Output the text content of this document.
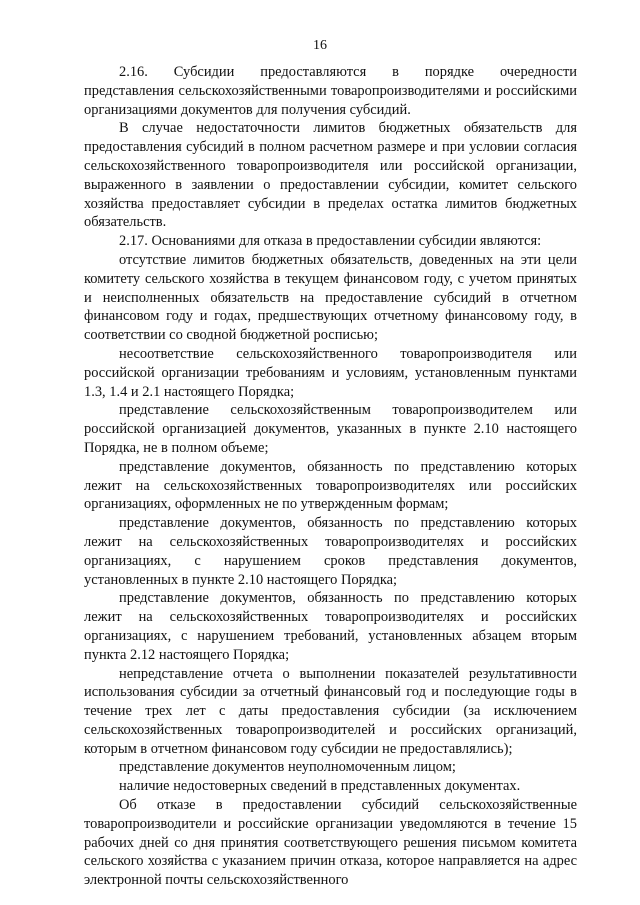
16

2.16.   Субсидии   предоставляются   в   порядке   очередности представления сельскохозяйственными товаропроизводителями и российскими организациями документов для получения субсидий.

В случае недостаточности лимитов бюджетных обязательств для предоставления субсидий в полном расчетном размере и при условии согласия сельскохозяйственного товаропроизводителя или российской организации, выраженного в заявлении о предоставлении субсидии, комитет сельского хозяйства предоставляет субсидии в пределах остатка лимитов бюджетных обязательств.

2.17. Основаниями для отказа в предоставлении субсидии являются:

отсутствие лимитов бюджетных обязательств, доведенных на эти цели комитету сельского хозяйства в текущем финансовом году, с учетом принятых и неисполненных обязательств на предоставление субсидий в отчетном финансовом году и годах, предшествующих отчетному финансовому году, в соответствии со сводной бюджетной росписью;

несоответствие сельскохозяйственного товаропроизводителя или российской организации требованиям и условиям, установленным пунктами 1.3, 1.4 и 2.1 настоящего Порядка;

представление сельскохозяйственным товаропроизводителем или российской организацией документов, указанных в пункте 2.10 настоящего Порядка, не в полном объеме;

представление документов, обязанность по представлению которых лежит на сельскохозяйственных товаропроизводителях или российских организациях, оформленных не по утвержденным формам;

представление документов, обязанность по представлению которых лежит на сельскохозяйственных товаропроизводителях и российских организациях, с нарушением сроков представления документов, установленных в пункте 2.10 настоящего Порядка;

представление документов, обязанность по представлению которых лежит на сельскохозяйственных товаропроизводителях и российских организациях, с нарушением требований, установленных абзацем вторым пункта 2.12 настоящего Порядка;

непредставление отчета о выполнении показателей результативности использования субсидии за отчетный финансовый год и последующие годы в течение трех лет с даты предоставления субсидии (за исключением сельскохозяйственных товаропроизводителей и российских организаций, которым в отчетном финансовом году субсидии не предоставлялись);

представление документов неуполномоченным лицом;

наличие недостоверных сведений в представленных документах.

Об отказе в предоставлении субсидий сельскохозяйственные товаропроизводители и российские организации уведомляются в течение 15 рабочих дней со дня принятия соответствующего решения письмом комитета сельского хозяйства с указанием причин отказа, которое направляется на адрес электронной почты сельскохозяйственного
